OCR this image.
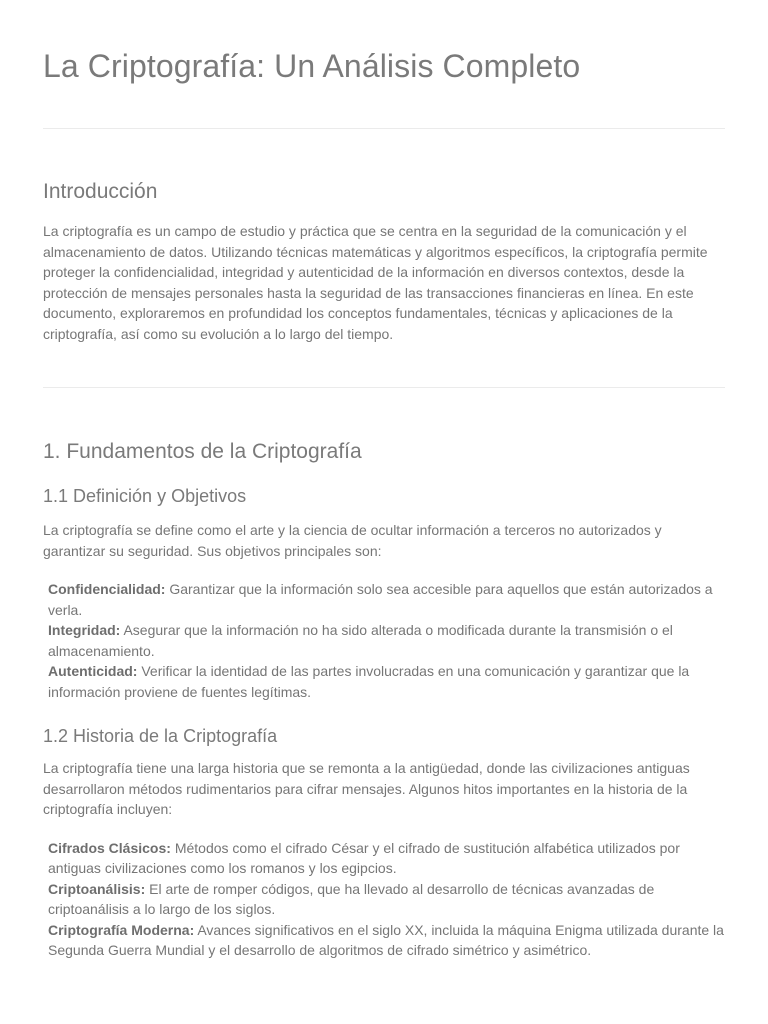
La Criptografía: Un Análisis Completo
Introducción

La criptografía es un campo de estudio y práctica que se centra en la seguridad de la comunicación y el almacenamiento de datos. Utilizando técnicas matemáticas y algoritmos específicos, la criptografía permite proteger la confidencialidad, integridad y autenticidad de la información en diversos contextos, desde la protección de mensajes personales hasta la seguridad de las transacciones financieras en línea. En este documento, exploraremos en profundidad los conceptos fundamentales, técnicas y aplicaciones de la criptografía, así como su evolución a lo largo del tiempo.

1. Fundamentos de la Criptografía
1.1 Definición y Objetivos

La criptografía se define como el arte y la ciencia de ocultar información a terceros no autorizados y garantizar su seguridad. Sus objetivos principales son:

Confidencialidad: Garantizar que la información solo sea accesible para aquellos que están autorizados a verla.
Integridad: Asegurar que la información no ha sido alterada o modificada durante la transmisión o el almacenamiento.
Autenticidad: Verificar la identidad de las partes involucradas en una comunicación y garantizar que la información proviene de fuentes legítimas.
1.2 Historia de la Criptografía

La criptografía tiene una larga historia que se remonta a la antigüedad, donde las civilizaciones antiguas desarrollaron métodos rudimentarios para cifrar mensajes. Algunos hitos importantes en la historia de la criptografía incluyen:

Cifrados Clásicos: Métodos como el cifrado César y el cifrado de sustitución alfabética utilizados por antiguas civilizaciones como los romanos y los egipcios.
Criptoanálisis: El arte de romper códigos, que ha llevado al desarrollo de técnicas avanzadas de criptoanálisis a lo largo de los siglos.
Criptografía Moderna: Avances significativos en el siglo XX, incluida la máquina Enigma utilizada durante la Segunda Guerra Mundial y el desarrollo de algoritmos de cifrado simétrico y asimétrico.
